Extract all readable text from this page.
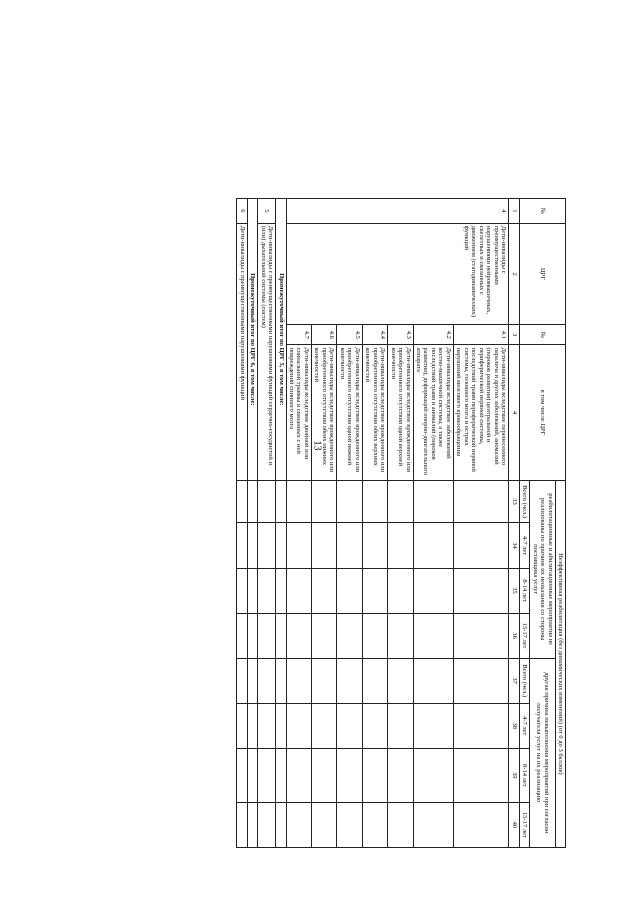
13
№	ЦРГ	№	в том числе ЦРГ	Неэффективная реабилитация (без динамических изменений) (от 0 до 3 баллов)							
				реабилитационные и абилитационные мероприятия не реализованы по причине их неоказания со стороны поставщика услуг				другая причина невыполнения мероприятий при согласии получателя услуг на их реализацию			
				Всего (чел.)	4-7 лет	8-14 лет	15-17 лет	Всего (чел.)	4-7 лет	8-14 лет	15-17 лет
1	2	3	4	33	34	35	36	37	38	39	40
4	Дети-инвалиды с преимущественными нарушениями нейромышечных, скелетных и связанных с движением (статодинамических) функций	4.1	Дети-инвалиды вследствие перенесенного паралича и других заболеваний, аномалий (пороков развития) центральной и периферической нервной системы, последствий травм периферической нервной системы, головного мозга и острых нарушений мозгового кровообращения								
		4.2	Дети-инвалиды вследствие заболеваний костно-мышечной системы, а также последствий травм и аномалий (пороков развития), деформаций опорно-двигательного аппарата								
		4.3	Дети-инвалиды вследствие врожденного или приобретенного отсутствия одной верхней конечности								
		4.4	Дети-инвалиды вследствие врожденного или приобретенного отсутствия обеих верхних конечностей								
		4.5	Дети-инвалиды вследствие врожденного или приобретенного отсутствия одной нижней конечности								
		4.6	Дети-инвалиды вследствие врожденного или приобретенного отсутствия обеих нижних конечностей								
		4.7	Дети-инвалиды вследствие двойной или спинальной травмы и связанных с ней повреждений спинного мозга								
Промежуточный итог по ЦРГ 5, в том числе:											
5	Дети-инвалиды с преимущественными нарушениями функций сердечно-сосудистой и (или) дыхательной системы (систем)										
Промежуточный итог по ЦРГ 6, в том числе:											
6	Дети-инвалиды с преимущественными нарушениями функций										
